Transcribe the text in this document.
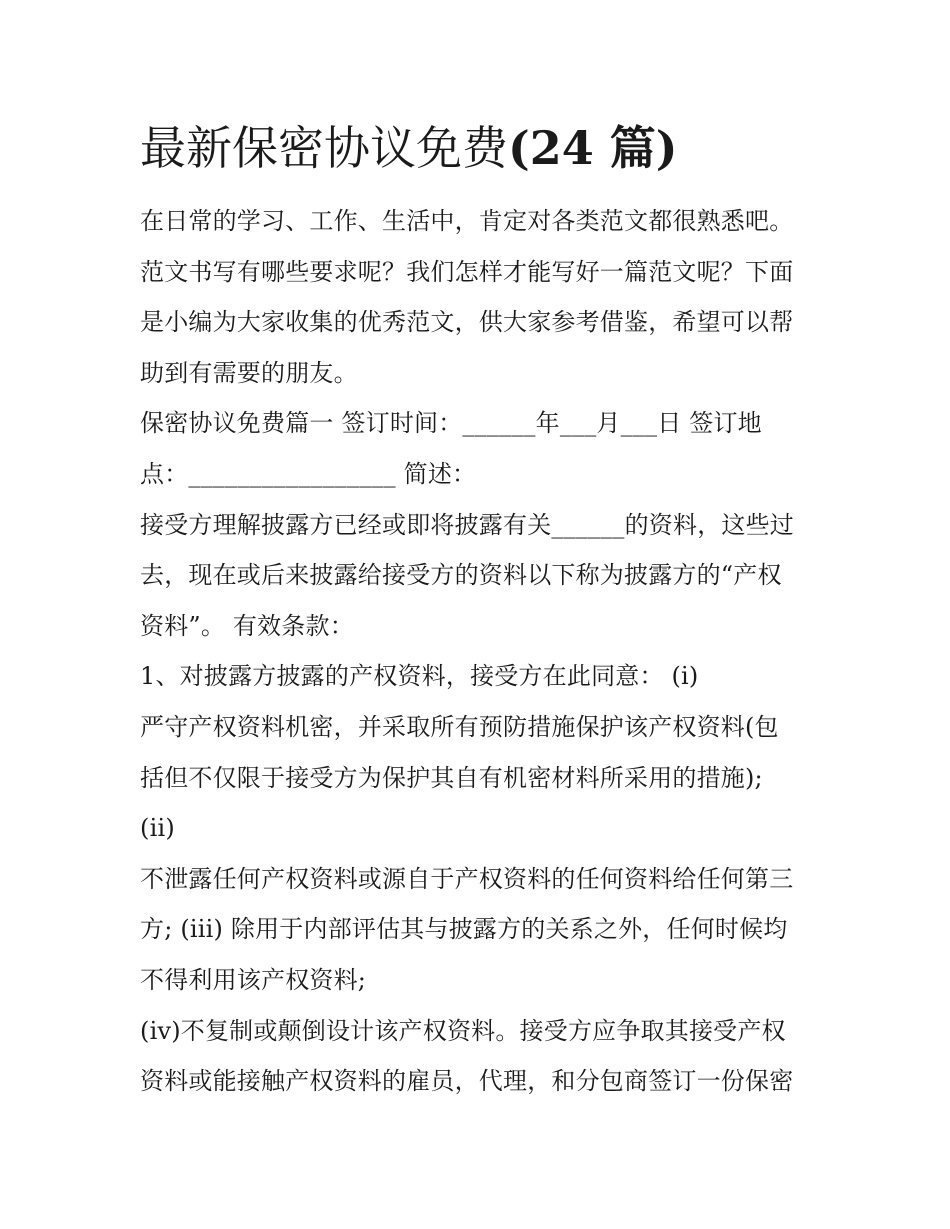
最新保密协议免费(24 篇)
在日常的学习、工作、生活中，肯定对各类范文都很熟悉吧。
范文书写有哪些要求呢？我们怎样才能写好一篇范文呢？下面
是小编为大家收集的优秀范文，供大家参考借鉴，希望可以帮
助到有需要的朋友。
保密协议免费篇一 签订时间：______年___月___日 签订地
点：_________________ 简述：
接受方理解披露方已经或即将披露有关______的资料，这些过
去，现在或后来披露给接受方的资料以下称为披露方的“产权
资料”。 有效条款：
1、对披露方披露的产权资料，接受方在此同意： (i)
严守产权资料机密，并采取所有预防措施保护该产权资料(包
括但不仅限于接受方为保护其自有机密材料所采用的措施);
(ii)
不泄露任何产权资料或源自于产权资料的任何资料给任何第三
方; (iii) 除用于内部评估其与披露方的关系之外，任何时候均
不得利用该产权资料;
(iv)不复制或颠倒设计该产权资料。接受方应争取其接受产权
资料或能接触产权资料的雇员，代理，和分包商签订一份保密
